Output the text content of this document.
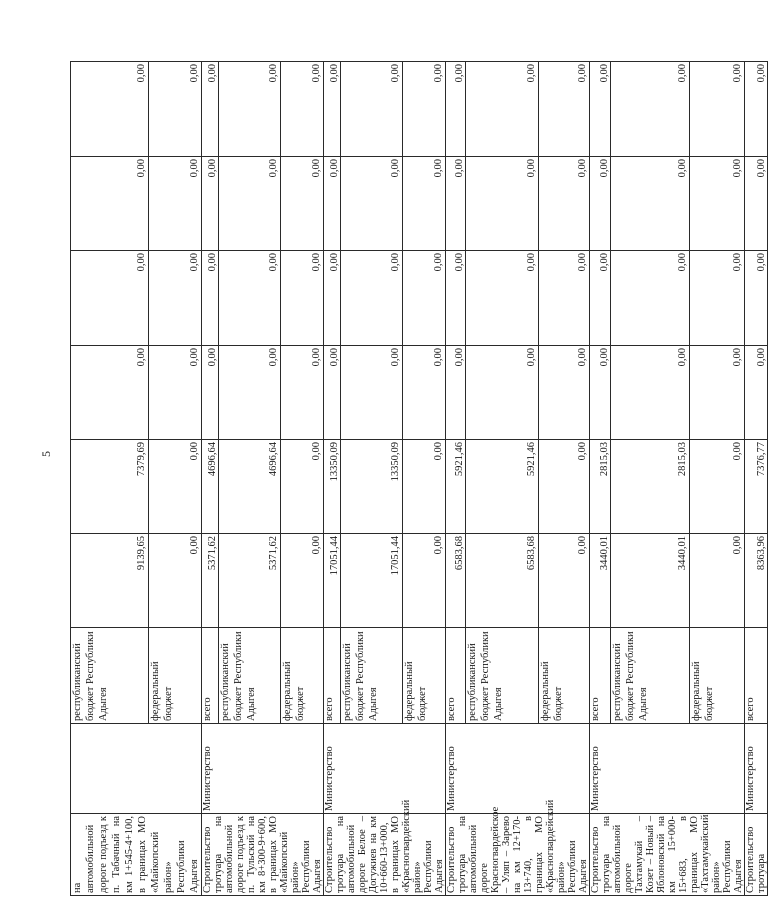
5
на автомобильной дороге подъезд к п. Табачный на км 1+545-4+100, в границах МО «Майкопский район» Республики Адыгея		республиканский бюджет Республики Адыгея	9139,65	7379,69	0,00	0,00	0,00	0,00
		федеральный бюджет	0,00	0,00	0,00	0,00	0,00	0,00
Строительство тротуара на автомобильной дороге подъезд к п. Тульский на км 8+300-9+600, в границах МО «Майкопский район» Республики Адыгея	Министерство	всего	5371,62	4696,64	0,00	0,00	0,00	0,00
		республиканский бюджет Республики Адыгея	5371,62	4696,64	0,00	0,00	0,00	0,00
		федеральный бюджет	0,00	0,00	0,00	0,00	0,00	0,00
Строительство тротуара на автомобильной дороге Белое – Догужиев на км 10+660-13+000, в границах МО «Красногвардейский район» Республики Адыгея	Министерство	всего	17051,44	13350,09	0,00	0,00	0,00	0,00
		республиканский бюджет Республики Адыгея	17051,44	13350,09	0,00	0,00	0,00	0,00
		федеральный бюджет	0,00	0,00	0,00	0,00	0,00	0,00
Строительство тротуара на автомобильной дороге Красногвардейское – Уляп – Зарево на км 12+170-13+740, в границах МО «Красногвардейский район» Республики Адыгея	Министерство	всего	6583,68	5921,46	0,00	0,00	0,00	0,00
		республиканский бюджет Республики Адыгея	6583,68	5921,46	0,00	0,00	0,00	0,00
		федеральный бюджет	0,00	0,00	0,00	0,00	0,00	0,00
Строительство тротуара на автомобильной дороге Тахтамукай – Козет – Новый – Яблоновский на км 15+000-15+683, в границах МО «Тахтамукайский район» Республики Адыгея	Министерство	всего	3440,01	2815,03	0,00	0,00	0,00	0,00
		республиканский бюджет Республики Адыгея	3440,01	2815,03	0,00	0,00	0,00	0,00
		федеральный бюджет	0,00	0,00	0,00	0,00	0,00	0,00
Строительство тротуара	Министерство	всего	8363,96	7376,77	0,00	0,00	0,00	0,00
